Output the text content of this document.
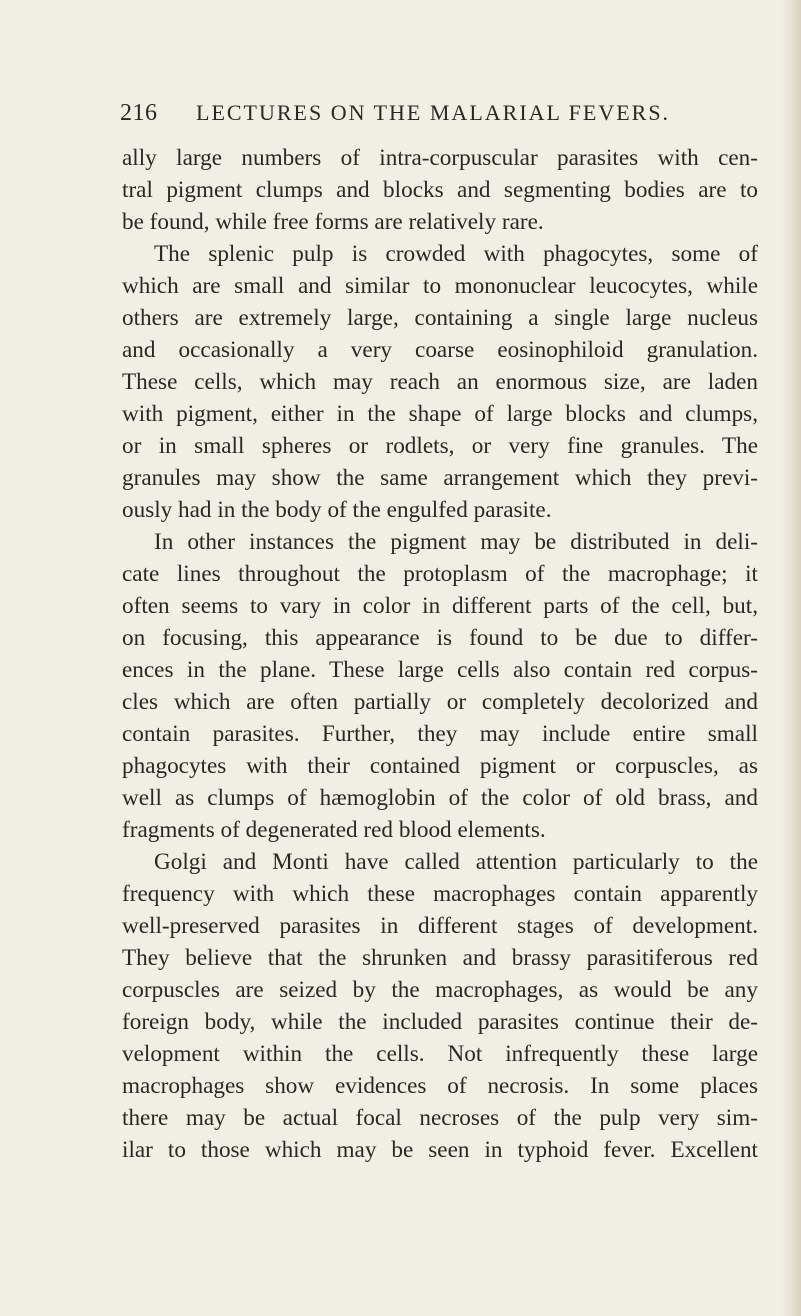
216 LECTURES ON THE MALARIAL FEVERS.
ally large numbers of intra-corpuscular parasites with cen-
tral pigment clumps and blocks and segmenting bodies are to
be found, while free forms are relatively rare.
The splenic pulp is crowded with phagocytes, some of
which are small and similar to mononuclear leucocytes, while
others are extremely large, containing a single large nucleus
and occasionally a very coarse eosinophiloid granulation.
These cells, which may reach an enormous size, are laden
with pigment, either in the shape of large blocks and clumps,
or in small spheres or rodlets, or very fine granules. The
granules may show the same arrangement which they previ-
ously had in the body of the engulfed parasite.
In other instances the pigment may be distributed in deli-
cate lines throughout the protoplasm of the macrophage; it
often seems to vary in color in different parts of the cell, but,
on focusing, this appearance is found to be due to differ-
ences in the plane. These large cells also contain red corpus-
cles which are often partially or completely decolorized and
contain parasites. Further, they may include entire small
phagocytes with their contained pigment or corpuscles, as
well as clumps of hæmoglobin of the color of old brass, and
fragments of degenerated red blood elements.
Golgi and Monti have called attention particularly to the
frequency with which these macrophages contain apparently
well-preserved parasites in different stages of development.
They believe that the shrunken and brassy parasitiferous red
corpuscles are seized by the macrophages, as would be any
foreign body, while the included parasites continue their de-
velopment within the cells. Not infrequently these large
macrophages show evidences of necrosis. In some places
there may be actual focal necroses of the pulp very sim-
ilar to those which may be seen in typhoid fever. Excellent
